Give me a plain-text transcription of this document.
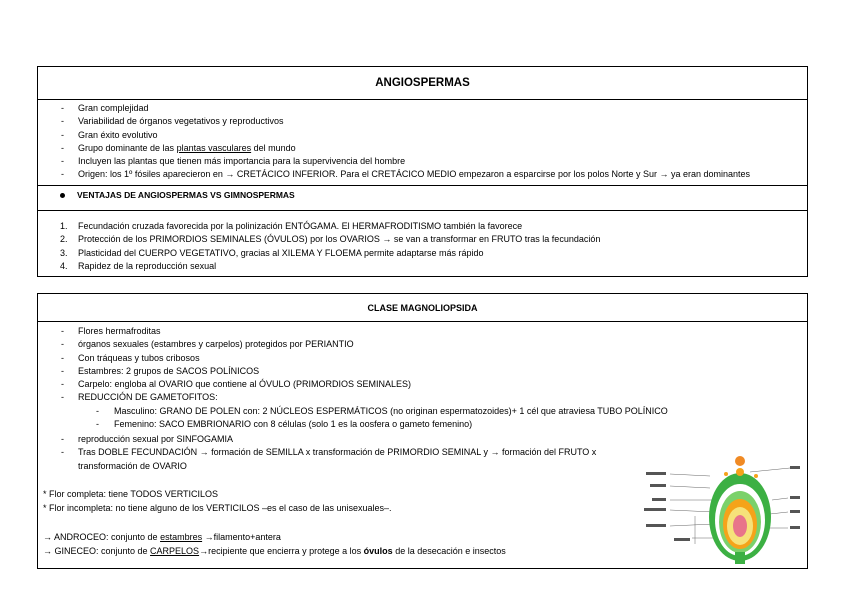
ANGIOSPERMAS
- Gran complejidad
- Variabilidad de órganos vegetativos y reproductivos
- Gran éxito evolutivo
- Grupo dominante de las plantas vasculares del mundo
- Incluyen las plantas que tienen más importancia para la supervivencia del hombre
- Origen: los 1º fósiles aparecieron en → CRETÁCICO INFERIOR. Para el CRETÁCICO MEDIO empezaron a esparcirse por los polos Norte y Sur → ya eran dominantes
VENTAJAS DE ANGIOSPERMAS VS GIMNOSPERMAS
1. Fecundación cruzada favorecida por la polinización ENTÓGAMA. El HERMAFRODITISMO también la favorece
2. Protección de los PRIMORDIOS SEMINALES (ÓVULOS) por los OVARIOS → se van a transformar en FRUTO tras la fecundación
3. Plasticidad del CUERPO VEGETATIVO, gracias al XILEMA Y FLOEMA permite adaptarse más rápido
4. Rapidez de la reproducción sexual
CLASE MAGNOLIOPSIDA
- Flores hermafroditas
- órganos sexuales (estambres y carpelos) protegidos por PERIANTIO
- Con tráqueas y tubos cribosos
- Estambres: 2 grupos de SACOS POLÍNICOS
- Carpelo: engloba al OVARIO que contiene al ÓVULO (PRIMORDIOS SEMINALES)
- REDUCCIÓN DE GAMETOFITOS:
- Masculino: GRANO DE POLEN con: 2 NÚCLEOS ESPERMÁTICOS (no originan espermatozoides)+ 1 cél que atraviesa TUBO POLÍNICO
- Femenino: SACO EMBRIONARIO con 8 células (solo 1 es la oosfera o gameto femenino)
- reproducción sexual por SINFOGAMIA
- Tras DOBLE FECUNDACIÓN → formación de SEMILLA x transformación de PRIMORDIO SEMINAL y → formación del FRUTO x
transformación de OVARIO
* Flor completa: tiene TODOS VERTICILOS
* Flor incompleta: no tiene alguno de los VERTICILOS –es el caso de las unisexuales–.
→ ANDROCEO: conjunto de estambres →filamento+antera
→ GINECEO: conjunto de CARPELOS→recipiente que encierra y protege a los óvulos de la desecación e insectos
